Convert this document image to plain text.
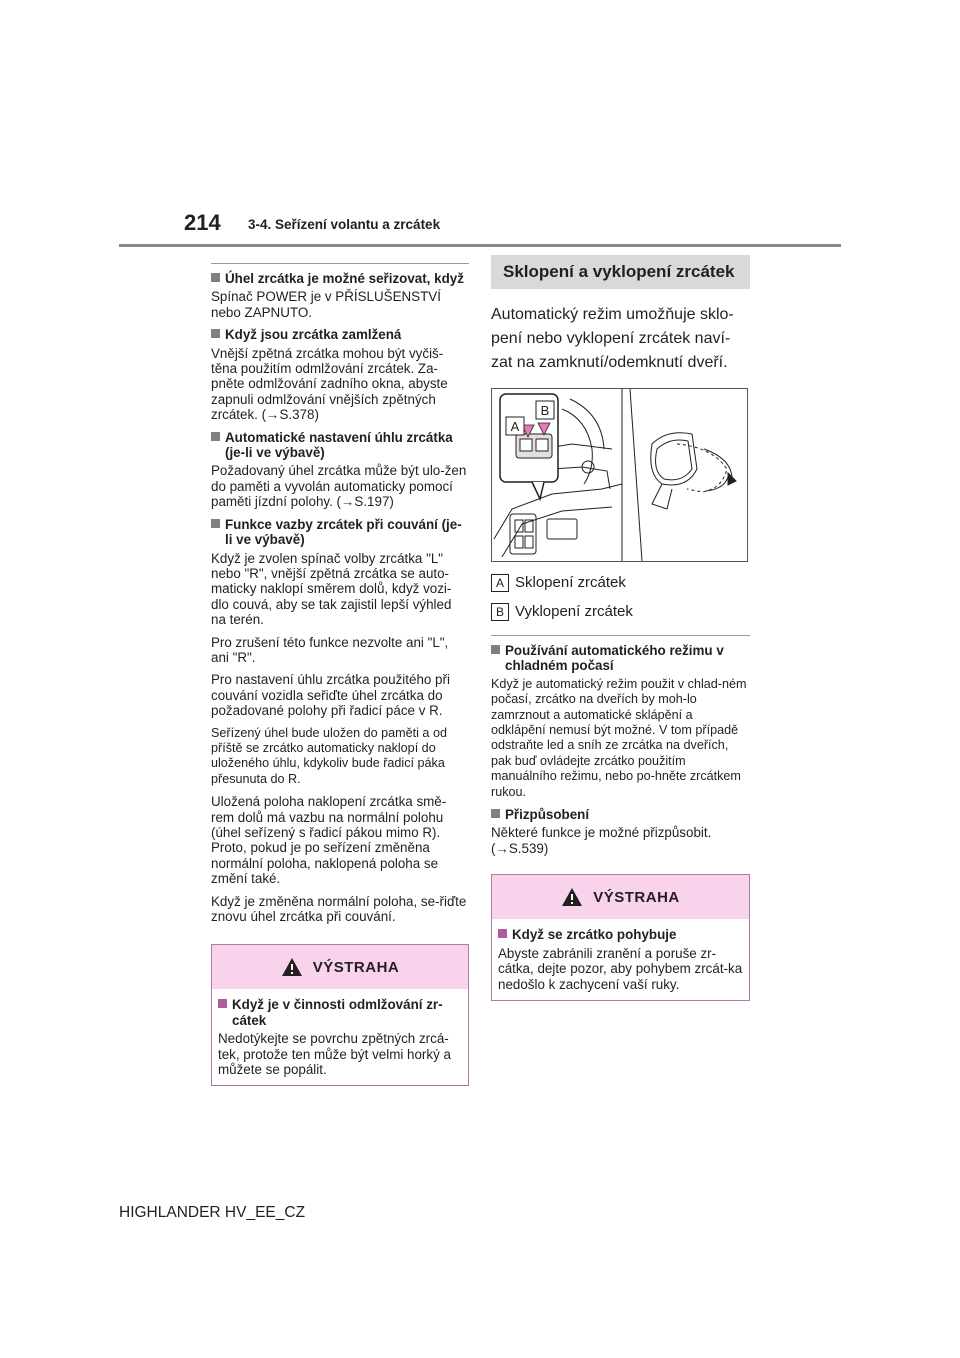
214 3-4. Seřízení volantu a zrcátek
Úhel zrcátka je možné seřizovat, když

Spínač POWER je v PŘÍSLUŠENSTVÍ nebo ZAPNUTO.

Když jsou zrcátka zamlžená

Vnější zpětná zrcátka mohou být vyčiš-těna použitím odmlžování zrcátek. Za-pněte odmlžování zadního okna, abyste zapnuli odmlžování vnějších zpětných zrcátek. (→S.378)

Automatické nastavení úhlu zrcátka (je-li ve výbavě)

Požadovaný úhel zrcátka může být ulo-žen do paměti a vyvolán automaticky pomocí paměti jízdní polohy. (→S.197)

Funkce vazby zrcátek při couvání (je-li ve výbavě)

Když je zvolen spínač volby zrcátka "L" nebo "R", vnější zpětná zrcátka se auto-maticky naklopí směrem dolů, když vozi-dlo couvá, aby se tak zajistil lepší výhled na terén.

Pro zrušení této funkce nezvolte ani "L", ani "R".

Pro nastavení úhlu zrcátka použitého při couvání vozidla seřiďte úhel zrcátka do požadované polohy při řadicí páce v R.

Seřízený úhel bude uložen do paměti a od příště se zrcátko automaticky naklopí do uloženého úhlu, kdykoliv bude řadicí páka přesunuta do R.

Uložená poloha naklopení zrcátka smě-rem dolů má vazbu na normální polohu (úhel seřízený s řadicí pákou mimo R). Proto, pokud je po seřízení změněna normální poloha, naklopená poloha se změní také.

Když je změněna normální poloha, se-řiďte znovu úhel zrcátka při couvání.

VÝSTRAHA
Když je v činnosti odmlžování zr-cátek

Nedotýkejte se povrchu zpětných zrcá-tek, protože ten může být velmi horký a můžete se popálit.

Sklopení a vyklopení zrcátek

Automatický režim umožňuje sklo-pení nebo vyklopení zrcátek naví-zat na zamknutí/odemknutí dveří.

A
B
A Sklopení zrcátek
B Vyklopení zrcátek
Používání automatického režimu v chladném počasí

Když je automatický režim použit v chlad-ném počasí, zrcátko na dveřích by moh-lo zamrznout a automatické sklápění a odklápění nemusí být možné. V tom případě odstraňte led a sníh ze zrcátka na dveřích, pak buď ovládejte zrcátko použitím manuálního režimu, nebo po-hněte zrcátkem rukou.

Přizpůsobení

Některé funkce je možné přizpůsobit. (→S.539)

VÝSTRAHA
Když se zrcátko pohybuje

Abyste zabránili zranění a poruše zr-cátka, dejte pozor, aby pohybem zrcát-ka nedošlo k zachycení vaší ruky.

HIGHLANDER HV_EE_CZ
